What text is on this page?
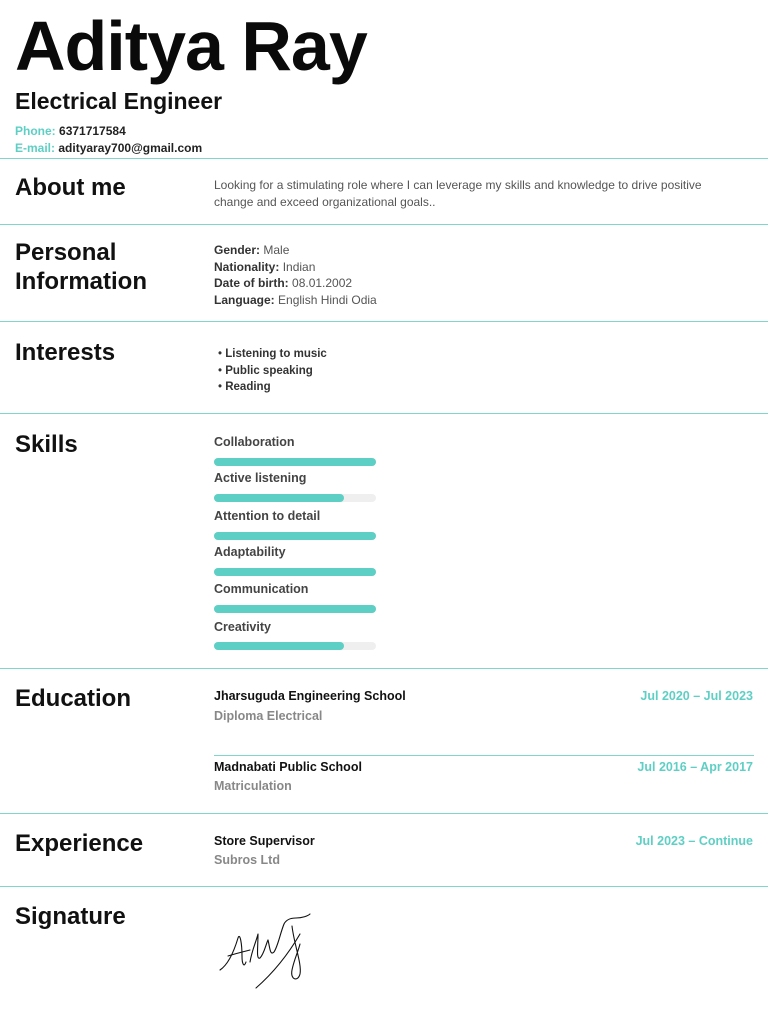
Aditya Ray
Electrical Engineer
Phone: 6371717584
E-mail: adityaray700@gmail.com
About me	Looking for a stimulating role where I can leverage my skills and knowledge to drive positive change and exceed organizational goals..
Personal
Information
Gender: Male
Nationality: Indian
Date of birth: 08.01.2002
Language: English Hindi Odia
Interests
•	Listening to music
• Public speaking
• Reading
Skills	Collaboration
Active listening
Attention to detail
Adaptability
Communication
Creativity
Education	Jharsuguda Engineering School	Jul 2020 – Jul 2023
Diploma Electrical
Madnabati Public School	Jul 2016 – Apr 2017
Matriculation
Experience	Store Supervisor	Jul 2023 – Continue
Subros Ltd
Signature
